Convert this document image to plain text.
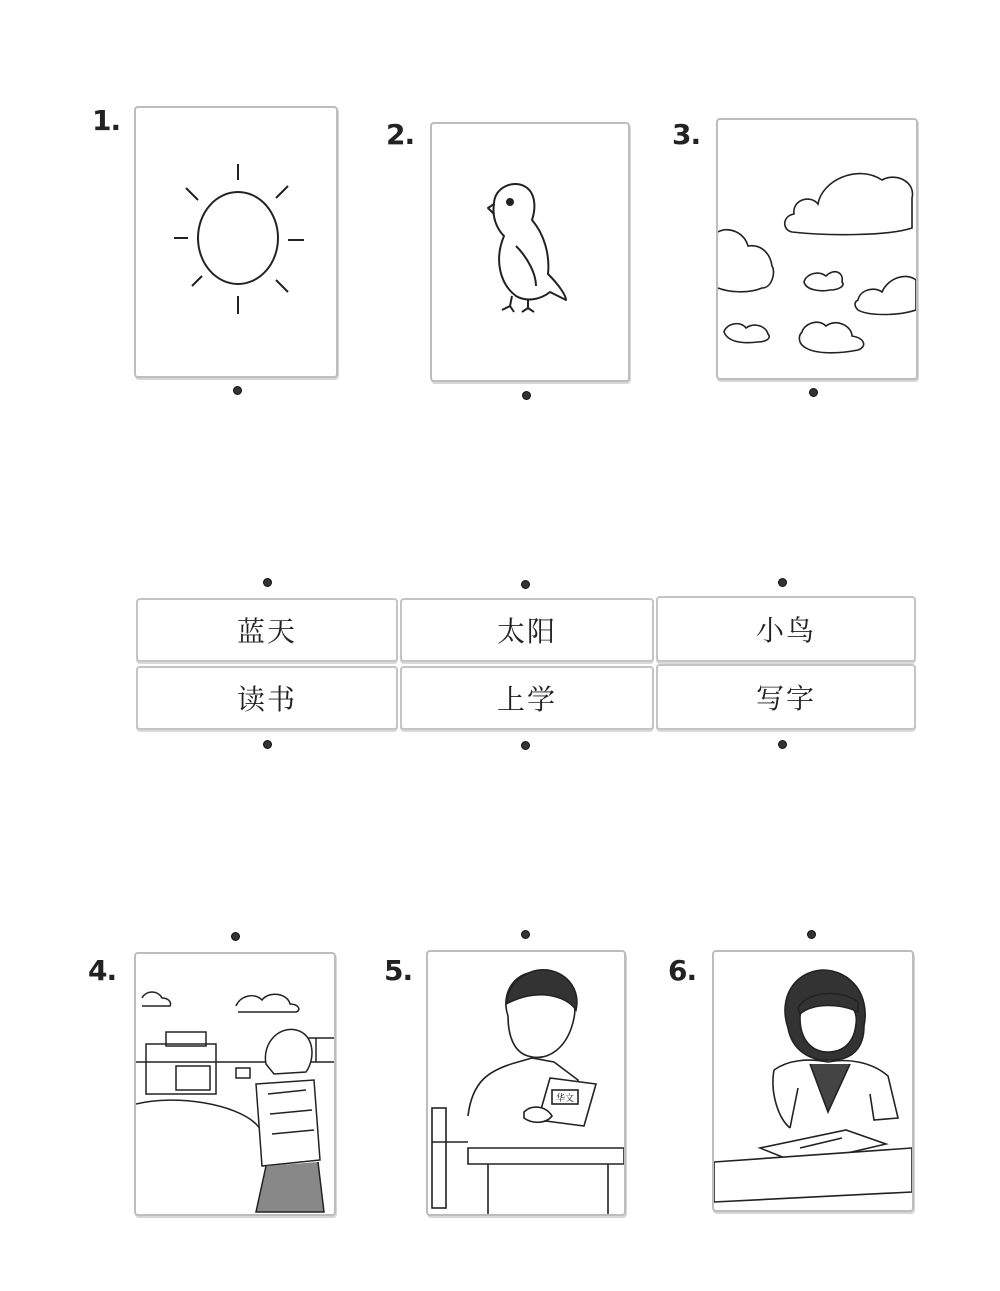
1.	2.	3.
4.	5.	6.
华文
蓝天	太阳	小鸟
读书	上学	写字
